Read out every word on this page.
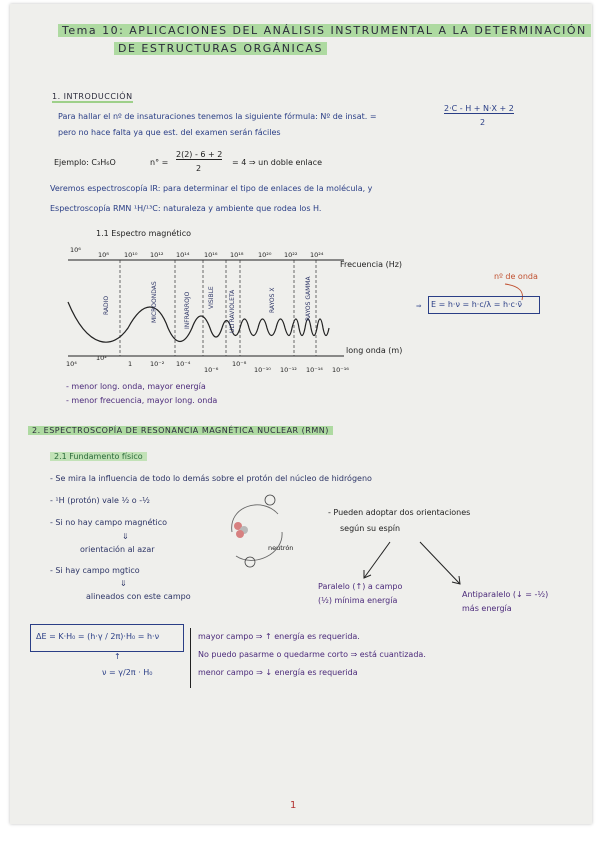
Tema 10: APLICACIONES DEL ANÁLISIS INSTRUMENTAL A LA DETERMINACIÓN
DE ESTRUCTURAS ORGÁNICAS
1. INTRODUCCIÓN
Para hallar el nº de insaturaciones tenemos la siguiente fórmula: Nº de insat. =
2·C - H + N·X + 2
2
pero no hace falta ya que est. del examen serán fáciles
Ejemplo: C₃H₆O	n° =
2(2) - 6 + 2
2
= 4 ⇒ un doble enlace
Veremos espectroscopía IR: para determinar el tipo de enlaces de la molécula, y
Espectroscopía RMN ¹H/¹³C: naturaleza y ambiente que rodea los H.
1.1 Espectro magnético
10⁶
10⁸ 10¹⁰ 10¹² 10¹⁴ 10¹⁶ 10¹⁸ 10²⁰ 10²² 10²⁴
Frecuencia (Hz)
RADIO	MICROONDAS	INFRARROJO	VISIBLE ULTRAVIOLETA	RAYOS X	RAYOS GAMMA
10⁴
10²
1	10⁻² 10⁻⁴
10⁻⁶
10⁻⁸
10⁻¹⁰ 10⁻¹² 10⁻¹⁴ 10⁻¹⁶
long onda (m)
nº de onda
⇒ E = h·ν = h·c/λ = h·c·ν̄
- menor long. onda, mayor energía
- menor frecuencia, mayor long. onda
2. ESPECTROSCOPÍA DE RESONANCIA MAGNÉTICA NUCLEAR (RMN)
2.1 Fundamento físico
- Se mira la influencia de todo lo demás sobre el protón del núcleo de hidrógeno
- ¹H (protón) vale ½ o -½
- Si no hay campo magnético
⇓
orientación al azar
- Si hay campo mgtico
⇓
alineados con este campo
neutrón
- Pueden adoptar dos orientaciones
según su espín
Paralelo (↑) a campo
(½) mínima energía
Antiparalelo (↓ = -½)
más energía
ΔE = K·H₀ = (h·γ / 2π)·H₀ = h·ν
↑
ν = γ/2π · H₀
mayor campo ⇒ ↑ energía es requerida.
No puedo pasarme o quedarme corto ⇒ está cuantizada.
menor campo ⇒ ↓ energía es requerida
1
